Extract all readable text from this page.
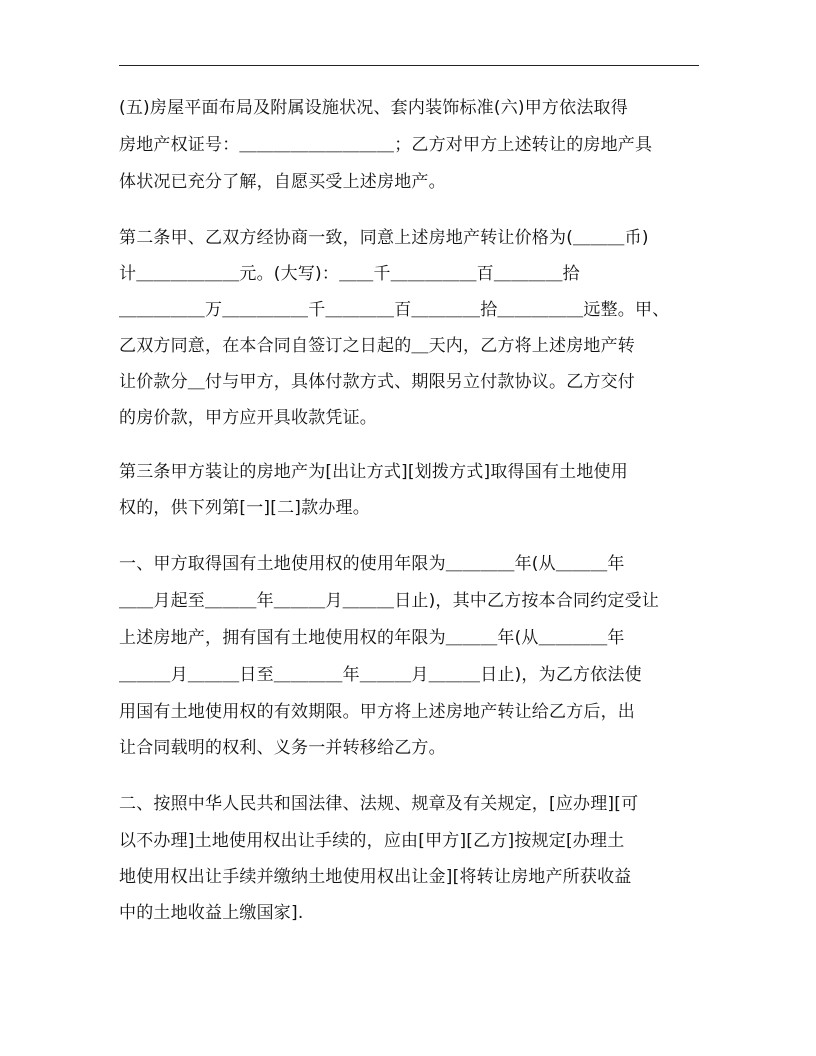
(五)房屋平面布局及附属设施状况、套内装饰标准(六)甲方依法取得
房地产权证号：＿＿＿＿＿＿＿＿＿；乙方对甲方上述转让的房地产具
体状况已充分了解，自愿买受上述房地产。
第二条甲、乙双方经协商一致，同意上述房地产转让价格为(＿＿＿币)
计＿＿＿＿＿＿元。(大写)：＿＿千＿＿＿＿＿百＿＿＿＿拾
＿＿＿＿＿万＿＿＿＿＿千＿＿＿＿百＿＿＿＿拾＿＿＿＿＿远整。甲、
乙双方同意，在本合同自签订之日起的＿天内，乙方将上述房地产转
让价款分＿付与甲方，具体付款方式、期限另立付款协议。乙方交付
的房价款，甲方应开具收款凭证。
第三条甲方装让的房地产为[出让方式][划拨方式]取得国有土地使用
权的，供下列第[一][二]款办理。
一、甲方取得国有土地使用权的使用年限为＿＿＿＿年(从＿＿＿年
＿＿月起至＿＿＿年＿＿＿月＿＿＿日止)，其中乙方按本合同约定受让
上述房地产，拥有国有土地使用权的年限为＿＿＿年(从＿＿＿＿年
＿＿＿月＿＿＿日至＿＿＿＿年＿＿＿月＿＿＿日止)，为乙方依法使
用国有土地使用权的有效期限。甲方将上述房地产转让给乙方后，出
让合同载明的权利、义务一并转移给乙方。
二、按照中华人民共和国法律、法规、规章及有关规定，[应办理][可
以不办理]土地使用权出让手续的，应由[甲方][乙方]按规定[办理土
地使用权出让手续并缴纳土地使用权出让金][将转让房地产所获收益
中的土地收益上缴国家].
